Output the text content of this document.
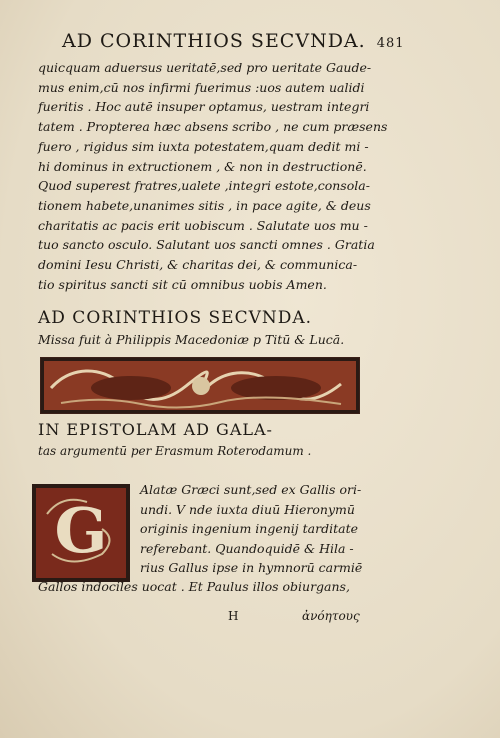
AD CORINTHIOS SECVNDA. 481
quicquam aduersus ueritatē,sed pro ueritate Gaude-
mus enim,cū nos infirmi fuerimus :uos autem ualidi
fueritis . Hoc autē insuper optamus, uestram integri
tatem . Propterea hæc absens scribo , ne cum præsens
fuero , rigidus sim iuxta potestatem,quam dedit mi -
hi dominus in extructionem , & non in destructionē.
Quod superest fratres,ualete ,integri estote,consola-
tionem habete,unanimes sitis , in pace agite, & deus
charitatis ac pacis erit uobiscum . Salutate uos mu -
tuo sancto osculo. Salutant uos sancti omnes . Gratia
domini Iesu Christi, & charitas dei, & communica-
tio spiritus sancti sit cū omnibus uobis Amen.
AD CORINTHIOS SECVNDA.
Missa fuit à Philippis Macedoniæ p Titū & Lucā.
IN EPISTOLAM AD GALA-
tas argumentū per Erasmum Roterodamum .
G
Alatæ Græci sunt,sed ex Gallis ori-
undi. V nde iuxta diuū Hieronymū
originis ingenium ingenij tarditate
referebant. Quandoquidē & Hila -
rius Gallus ipse in hymnorū carmiē
Gallos indociles uocat . Et Paulus illos obiurgans,
H	ἀνόητους
